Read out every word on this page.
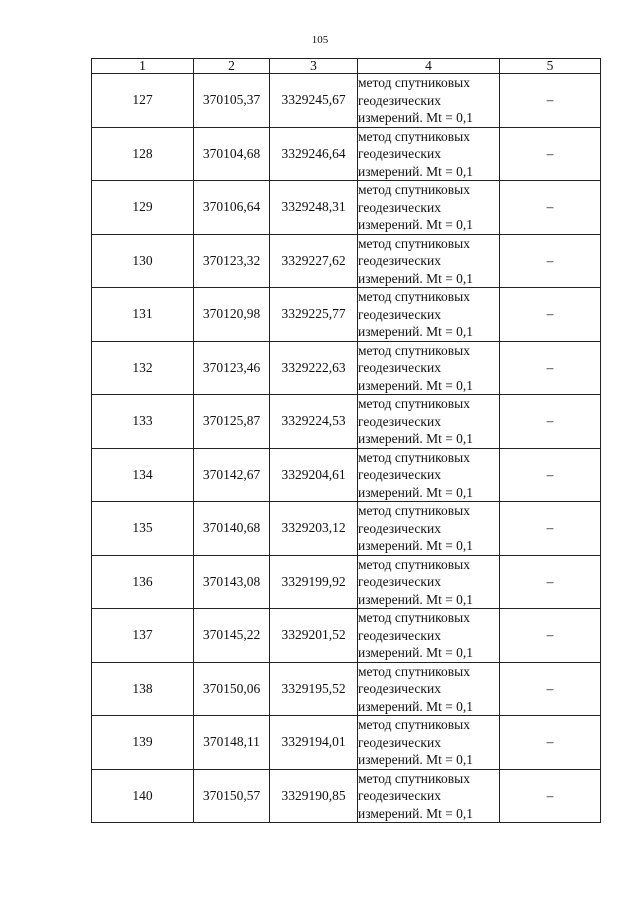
105
1	2	3	4	5
127	370105,37	3329245,67	метод спутниковых
геодезических
измерений. Mt = 0,1	–
128	370104,68	3329246,64	метод спутниковых
геодезических
измерений. Mt = 0,1	–
129	370106,64	3329248,31	метод спутниковых
геодезических
измерений. Mt = 0,1	–
130	370123,32	3329227,62	метод спутниковых
геодезических
измерений. Mt = 0,1	–
131	370120,98	3329225,77	метод спутниковых
геодезических
измерений. Mt = 0,1	–
132	370123,46	3329222,63	метод спутниковых
геодезических
измерений. Mt = 0,1	–
133	370125,87	3329224,53	метод спутниковых
геодезических
измерений. Mt = 0,1	–
134	370142,67	3329204,61	метод спутниковых
геодезических
измерений. Mt = 0,1	–
135	370140,68	3329203,12	метод спутниковых
геодезических
измерений. Mt = 0,1	–
136	370143,08	3329199,92	метод спутниковых
геодезических
измерений. Mt = 0,1	–
137	370145,22	3329201,52	метод спутниковых
геодезических
измерений. Mt = 0,1	–
138	370150,06	3329195,52	метод спутниковых
геодезических
измерений. Mt = 0,1	–
139	370148,11	3329194,01	метод спутниковых
геодезических
измерений. Mt = 0,1	–
140	370150,57	3329190,85	метод спутниковых
геодезических
измерений. Mt = 0,1	–
